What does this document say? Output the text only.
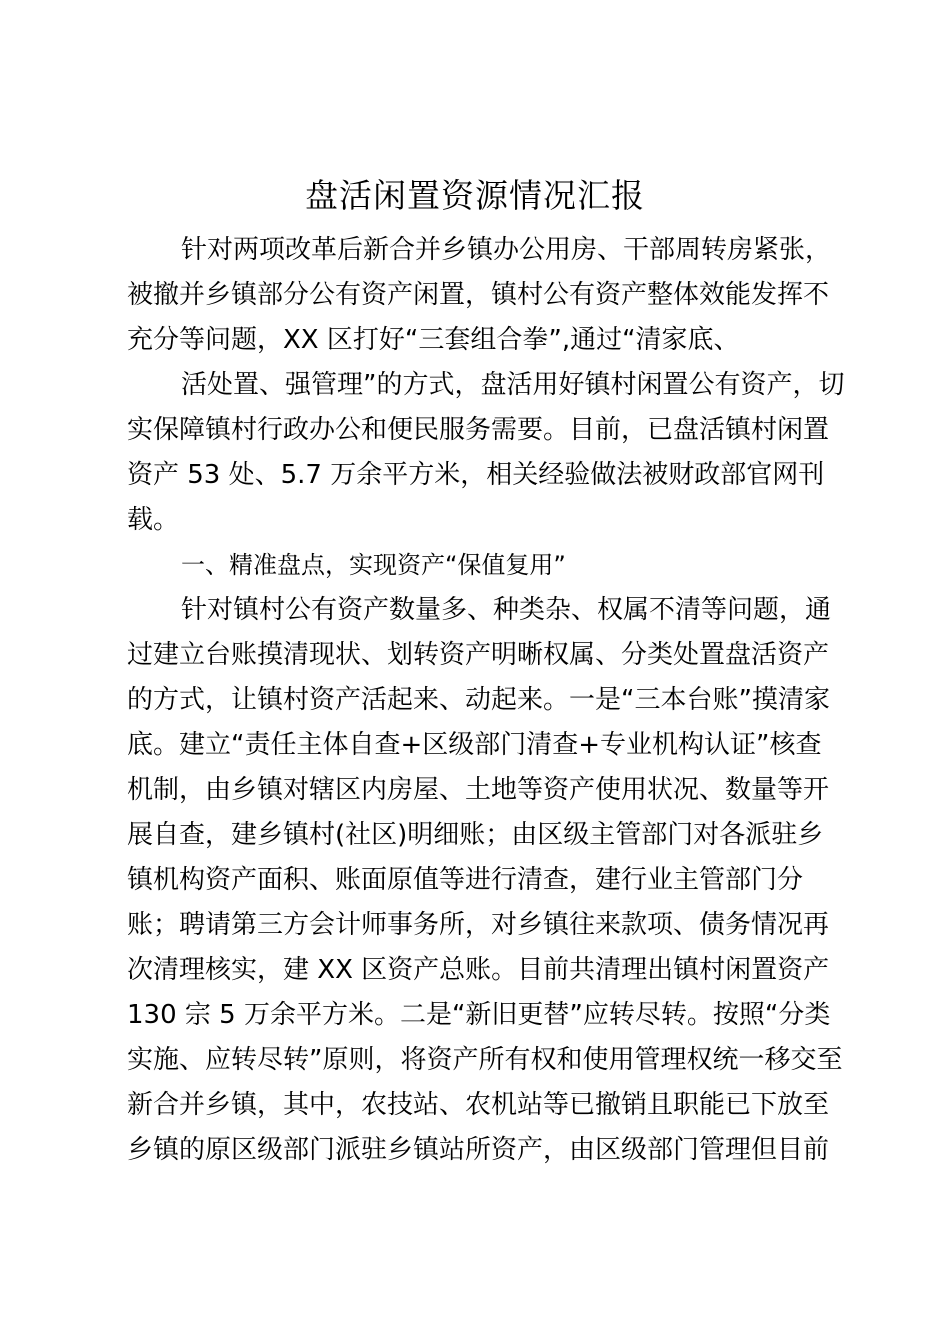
盘活闲置资源情况汇报
针对两项改革后新合并乡镇办公用房、干部周转房紧张，
被撤并乡镇部分公有资产闲置，镇村公有资产整体效能发挥不
充分等问题，XX 区打好“三套组合拳”,通过“清家底、
活处置、强管理”的方式，盘活用好镇村闲置公有资产，切
实保障镇村行政办公和便民服务需要。目前，已盘活镇村闲置
资产 53 处、5.7 万余平方米，相关经验做法被财政部官网刊
载。
一、精准盘点，实现资产“保值复用”
针对镇村公有资产数量多、种类杂、权属不清等问题，通
过建立台账摸清现状、划转资产明晰权属、分类处置盘活资产
的方式，让镇村资产活起来、动起来。一是“三本台账”摸清家
底。建立“责任主体自查+区级部门清查+专业机构认证”核查
机制，由乡镇对辖区内房屋、土地等资产使用状况、数量等开
展自查，建乡镇村(社区)明细账；由区级主管部门对各派驻乡
镇机构资产面积、账面原值等进行清查，建行业主管部门分
账；聘请第三方会计师事务所，对乡镇往来款项、债务情况再
次清理核实，建 XX 区资产总账。目前共清理出镇村闲置资产
130 宗 5 万余平方米。二是“新旧更替”应转尽转。按照“分类
实施、应转尽转”原则，将资产所有权和使用管理权统一移交至
新合并乡镇，其中，农技站、农机站等已撤销且职能已下放至
乡镇的原区级部门派驻乡镇站所资产，由区级部门管理但目前
